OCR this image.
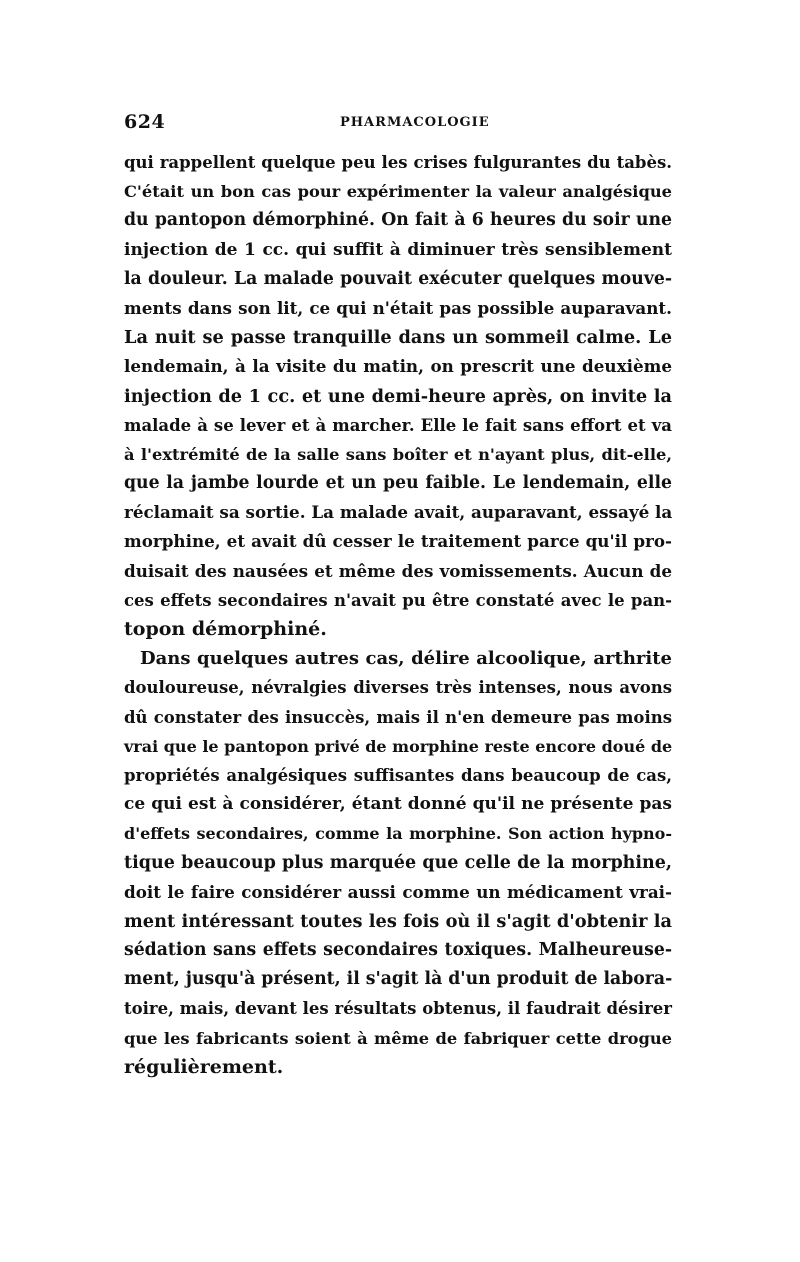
624	PHARMACOLOGIE
qui rappellent quelque peu les crises fulgurantes du tabès.
C'était un bon cas pour expérimenter la valeur analgésique
du pantopon démorphiné. On fait à 6 heures du soir une
injection de 1 cc. qui suffit à diminuer très sensiblement
la douleur. La malade pouvait exécuter quelques mouve-
ments dans son lit, ce qui n'était pas possible auparavant.
La nuit se passe tranquille dans un sommeil calme. Le
lendemain, à la visite du matin, on prescrit une deuxième
injection de 1 cc. et une demi-heure après, on invite la
malade à se lever et à marcher. Elle le fait sans effort et va
à l'extrémité de la salle sans boîter et n'ayant plus, dit-elle,
que la jambe lourde et un peu faible. Le lendemain, elle
réclamait sa sortie. La malade avait, auparavant, essayé la
morphine, et avait dû cesser le traitement parce qu'il pro-
duisait des nausées et même des vomissements. Aucun de
ces effets secondaires n'avait pu être constaté avec le pan-
topon démorphiné.
Dans quelques autres cas, délire alcoolique, arthrite
douloureuse, névralgies diverses très intenses, nous avons
dû constater des insuccès, mais il n'en demeure pas moins
vrai que le pantopon privé de morphine reste encore doué de
propriétés analgésiques suffisantes dans beaucoup de cas,
ce qui est à considérer, étant donné qu'il ne présente pas
d'effets secondaires, comme la morphine. Son action hypno-
tique beaucoup plus marquée que celle de la morphine,
doit le faire considérer aussi comme un médicament vrai-
ment intéressant toutes les fois où il s'agit d'obtenir la
sédation sans effets secondaires toxiques. Malheureuse-
ment, jusqu'à présent, il s'agit là d'un produit de labora-
toire, mais, devant les résultats obtenus, il faudrait désirer
que les fabricants soient à même de fabriquer cette drogue
régulièrement.
